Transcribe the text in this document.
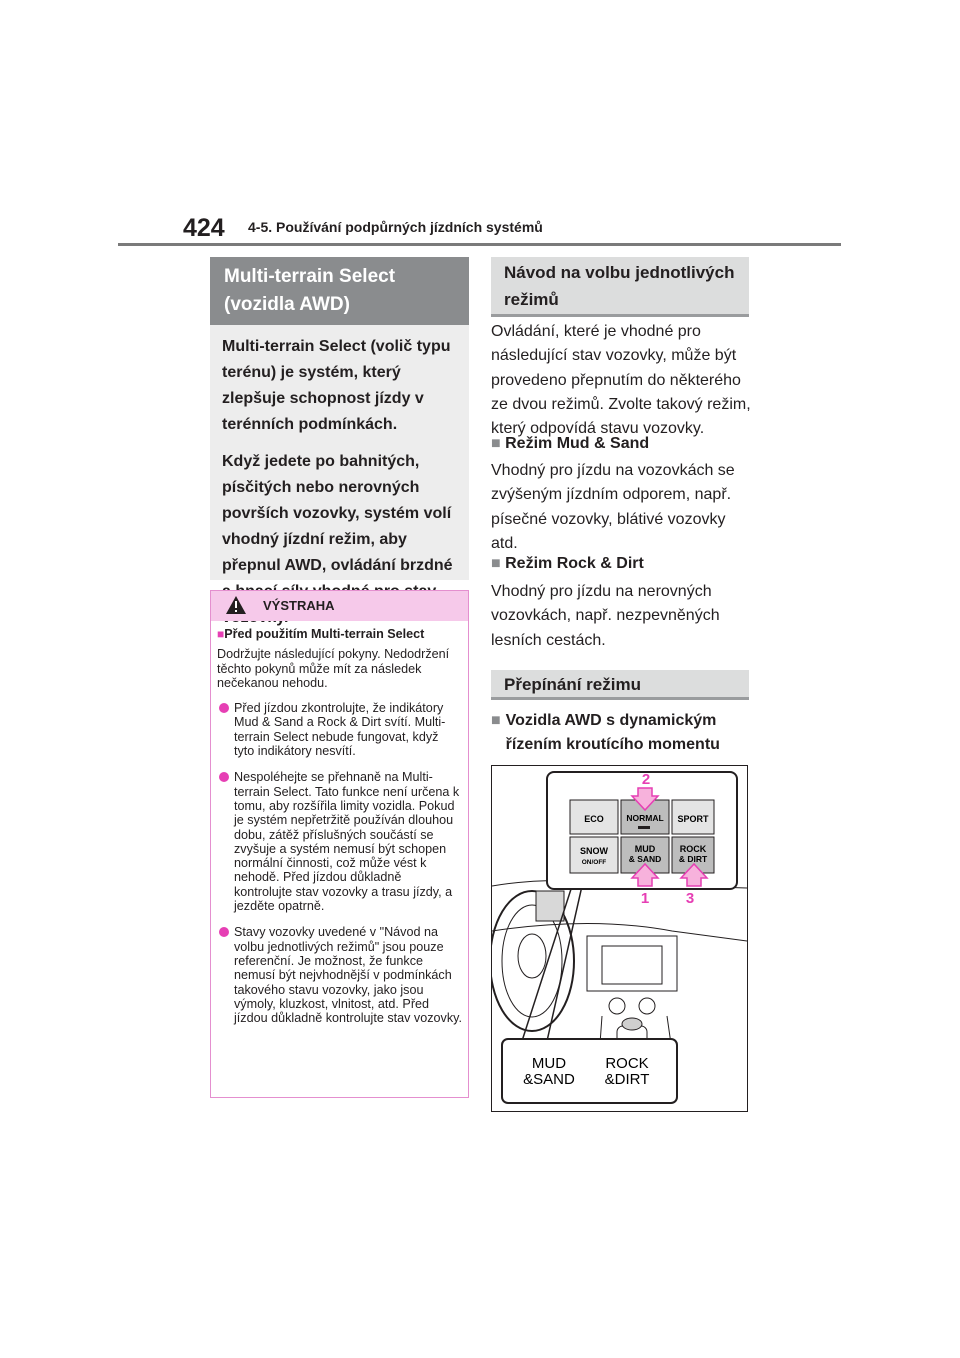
424 4-5. Používání podpůrných jízdních systémů
Multi-terrain Select (vozidla AWD)

Multi-terrain Select (volič typu terénu) je systém, který zlepšuje schopnost jízdy v terénních podmínkách.

Když jedete po bahnitých, písčitých nebo nerovných površích vozovky, systém volí vhodný jízdní režim, aby přepnul AWD, ovládání brzdné

VÝSTRAHA
■Před použitím Multi-terrain Select
Dodržujte následující pokyny. Nedodržení těchto pokynů může mít za následek nečekanou nehodu.
Před jízdou zkontrolujte, že indikátory Mud & Sand a Rock & Dirt svítí. Multi-terrain Select nebude fungovat, když tyto indikátory nesvítí.
Nespoléhejte se přehnaně na Multi-terrain Select. Tato funkce není určena k tomu, aby rozšířila limity vozidla. Pokud je systém nepřetržitě používán dlouhou dobu, zátěž příslušných součástí se zvyšuje a systém nemusí být schopen normální činnosti, což může vést k nehodě. Před jízdou důkladně kontrolujte stav vozovky a trasu jízdy, a jezděte opatrně.
Stavy vozovky uvedené v "Návod na volbu jednotlivých režimů" jsou pouze referenční. Je možnost, že funkce nemusí být nejvhodnější v podmínkách takového stavu vozovky, jako jsou výmoly, kluzkost, vlnitost, atd. Před jízdou důkladně kontrolujte stav vozovky.
Návod na volbu jednotlivých režimů
Ovládání, které je vhodné pro následující stav vozovky, může být provedeno přepnutím do některého ze dvou režimů. Zvolte takový režim, který odpovídá stavu vozovky.
■ Režim Mud & Sand
Vhodný pro jízdu na vozovkách se zvýšeným jízdním odporem, např. písečné vozovky, blátivé vozovky atd.
■ Režim Rock & Dirt
Vhodný pro jízdu na nerovných vozovkách, např. nezpevněných lesních cestách.
Přepínání režimu
■ Vozidla AWD s dynamickým řízením kroutícího momentu
ECO	NORMAL SPORT
SNOW
ON/OFF
MUD
& SAND
ROCK
& DIRT
2
1 3
MUD
&SAND
ROCK
&DIRT
